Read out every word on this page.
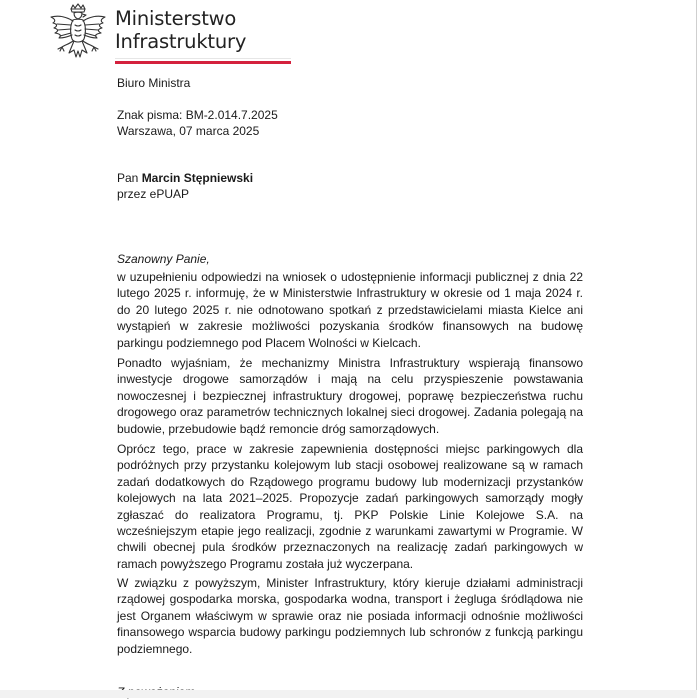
Ministerstwo
Infrastruktury
Biuro Ministra
Znak pisma: BM-2.014.7.2025
Warszawa, 07 marca 2025
Pan Marcin Stępniewski
przez ePUAP
Szanowny Panie,
w uzupełnieniu odpowiedzi na wniosek o udostępnienie informacji publicznej z dnia 22 lutego 2025 r. informuję, że w Ministerstwie Infrastruktury w okresie od 1 maja 2024 r. do 20 lutego 2025 r. nie odnotowano spotkań z przedstawicielami miasta Kielce ani wystąpień w zakresie możliwości pozyskania środków finansowych na budowę parkingu podziemnego pod Placem Wolności w Kielcach.
Ponadto wyjaśniam, że mechanizmy Ministra Infrastruktury wspierają finansowo inwestycje drogowe samorządów i mają na celu przyspieszenie powstawania nowoczesnej i bezpiecznej infrastruktury drogowej, poprawę bezpieczeństwa ruchu drogowego oraz parametrów technicznych lokalnej sieci drogowej. Zadania polegają na budowie, przebudowie bądź remoncie dróg samorządowych.
Oprócz tego, prace w zakresie zapewnienia dostępności miejsc parkingowych dla podróżnych przy przystanku kolejowym lub stacji osobowej realizowane są w ramach zadań dodatkowych do Rządowego programu budowy lub modernizacji przystanków kolejowych na lata 2021–2025. Propozycje zadań parkingowych samorządy mogły zgłaszać do realizatora Programu, tj. PKP Polskie Linie Kolejowe S.A. na wcześniejszym etapie jego realizacji, zgodnie z warunkami zawartymi w Programie. W chwili obecnej pula środków przeznaczonych na realizację zadań parkingowych w ramach powyższego Programu została już wyczerpana.
W związku z powyższym, Minister Infrastruktury, który kieruje działami administracji rządowej gospodarka morska, gospodarka wodna, transport i żegluga śródlądowa nie jest Organem właściwym w sprawie oraz nie posiada informacji odnośnie możliwości finansowego wsparcia budowy parkingu podziemnych lub schronów z funkcją parkingu podziemnego.
